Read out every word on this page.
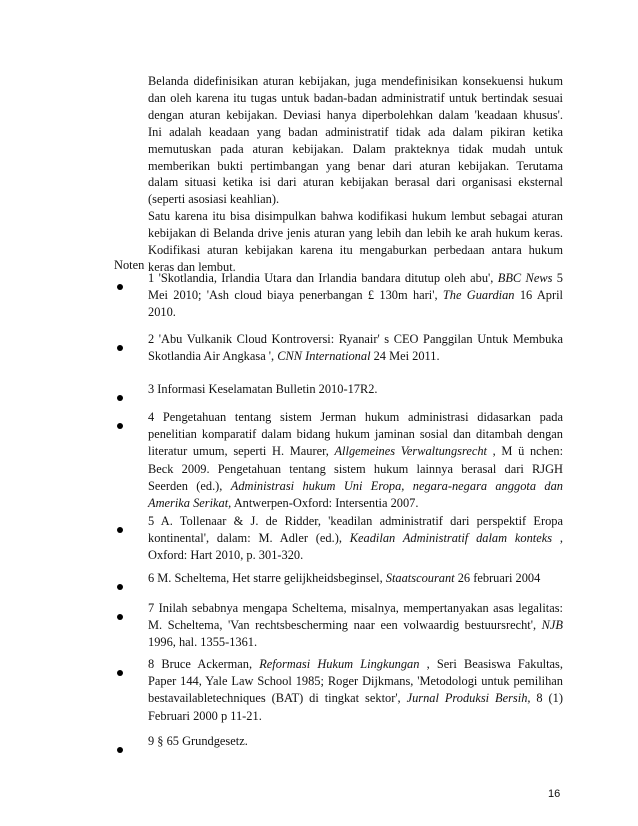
Belanda didefinisikan aturan kebijakan, juga mendefinisikan konsekuensi hukum
dan oleh karena itu tugas untuk badan-badan administratif untuk bertindak sesuai
dengan aturan kebijakan. Deviasi hanya diperbolehkan dalam 'keadaan khusus'.
Ini adalah keadaan yang badan administratif tidak ada dalam pikiran ketika
memutuskan pada aturan kebijakan. Dalam prakteknya tidak mudah untuk
memberikan bukti pertimbangan yang benar dari aturan kebijakan. Terutama
dalam situasi ketika isi dari aturan kebijakan berasal dari organisasi eksternal
(seperti asosiasi keahlian).
Satu karena itu bisa disimpulkan bahwa kodifikasi hukum lembut sebagai aturan
kebijakan di Belanda drive jenis aturan yang lebih dan lebih ke arah hukum keras.
Kodifikasi aturan kebijakan karena itu mengaburkan perbedaan antara hukum
keras dan lembut.
Noten
1 'Skotlandia, Irlandia Utara dan Irlandia bandara ditutup oleh abu', BBC News 5
Mei 2010; 'Ash cloud biaya penerbangan £ 130m hari', The Guardian 16 April
2010.
2 'Abu Vulkanik Cloud Kontroversi: Ryanair' s CEO Panggilan Untuk Membuka
Skotlandia Air Angkasa ', CNN International 24 Mei 2011.
3 Informasi Keselamatan Bulletin 2010-17R2.
4 Pengetahuan tentang sistem Jerman hukum administrasi didasarkan pada
penelitian komparatif dalam bidang hukum jaminan sosial dan ditambah dengan
literatur umum, seperti H. Maurer, Allgemeines Verwaltungsrecht , M ü nchen:
Beck 2009. Pengetahuan tentang sistem hukum lainnya berasal dari RJGH
Seerden (ed.), Administrasi hukum Uni Eropa, negara-negara anggota dan
Amerika Serikat, Antwerpen-Oxford: Intersentia 2007.
5 A. Tollenaar & J. de Ridder, 'keadilan administratif dari perspektif Eropa
kontinental', dalam: M. Adler (ed.), Keadilan Administratif dalam konteks ,
Oxford: Hart 2010, p. 301-320.
6 M. Scheltema, Het starre gelijkheidsbeginsel, Staatscourant 26 februari 2004
7 Inilah sebabnya mengapa Scheltema, misalnya, mempertanyakan asas legalitas:
M. Scheltema, 'Van rechtsbescherming naar een volwaardig bestuursrecht', NJB
1996, hal. 1355-1361.
8 Bruce Ackerman, Reformasi Hukum Lingkungan , Seri Beasiswa Fakultas,
Paper 144, Yale Law School 1985; Roger Dijkmans, 'Metodologi untuk pemilihan
bestavailabletechniques (BAT) di tingkat sektor', Jurnal Produksi Bersih, 8 (1)
Februari 2000 p 11-21.
9 § 65 Grundgesetz.
16
